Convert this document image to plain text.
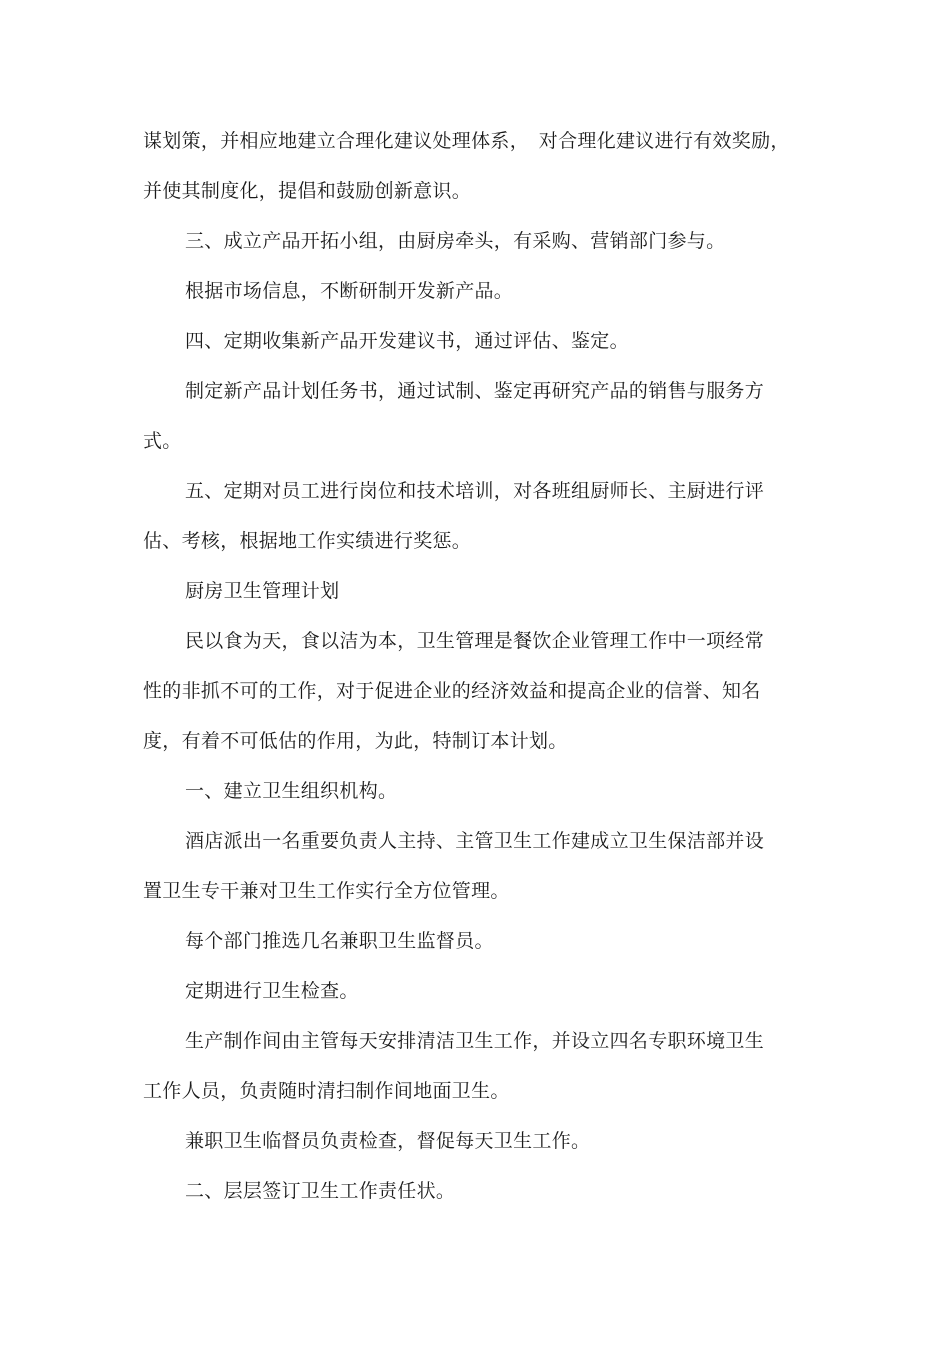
谋划策，并相应地建立合理化建议处理体系，　对合理化建议进行有效奖励，
并使其制度化，提倡和鼓励创新意识。
三、成立产品开拓小组，由厨房牵头，有采购、营销部门参与。
根据市场信息，不断研制开发新产品。
四、定期收集新产品开发建议书，通过评估、鉴定。
制定新产品计划任务书，通过试制、鉴定再研究产品的销售与服务方
式。
五、定期对员工进行岗位和技术培训，对各班组厨师长、主厨进行评
估、考核，根据地工作实绩进行奖惩。
厨房卫生管理计划
民以食为天，食以洁为本，卫生管理是餐饮企业管理工作中一项经常
性的非抓不可的工作，对于促进企业的经济效益和提高企业的信誉、知名
度，有着不可低估的作用，为此，特制订本计划。
一、建立卫生组织机构。
酒店派出一名重要负责人主持、主管卫生工作建成立卫生保洁部并设
置卫生专干兼对卫生工作实行全方位管理。
每个部门推选几名兼职卫生监督员。
定期进行卫生检查。
生产制作间由主管每天安排清洁卫生工作，并设立四名专职环境卫生
工作人员，负责随时清扫制作间地面卫生。
兼职卫生临督员负责检查，督促每天卫生工作。
二、层层签订卫生工作责任状。
